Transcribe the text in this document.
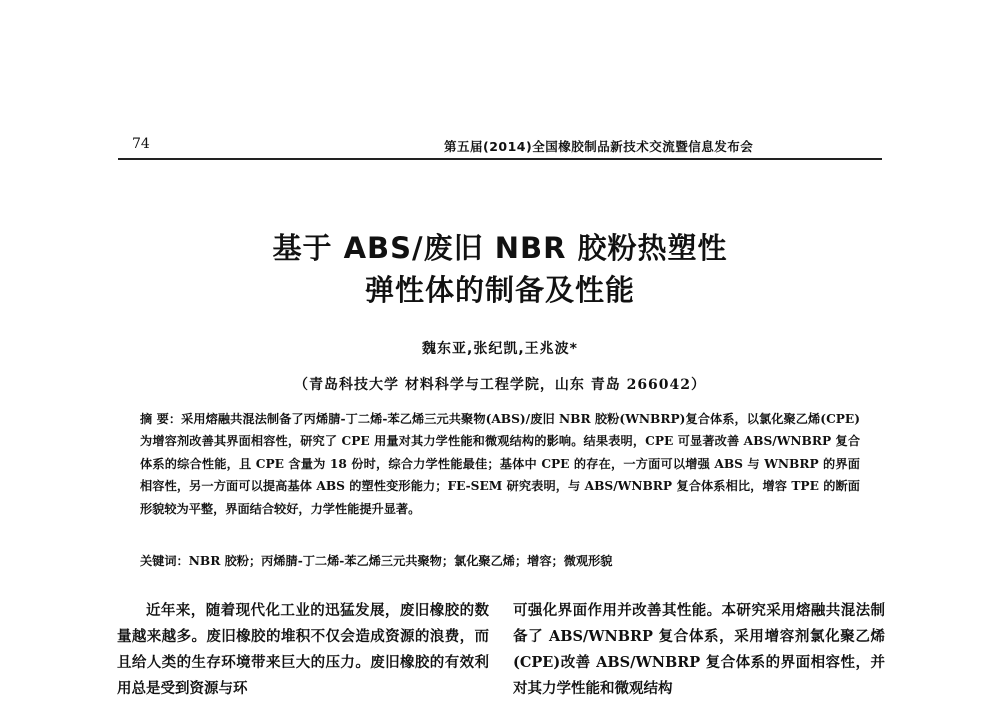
74	第五届(2014)全国橡胶制品新技术交流暨信息发布会
基于 ABS/废旧 NBR 胶粉热塑性
弹性体的制备及性能
魏东亚,张纪凯,王兆波*
（青岛科技大学 材料科学与工程学院，山东 青岛 266042）
摘 要：采用熔融共混法制备了丙烯腈-丁二烯-苯乙烯三元共聚物(ABS)/废旧 NBR 胶粉(WNBRP)复合体系，以氯化聚乙烯(CPE)为增容剂改善其界面相容性，研究了 CPE 用量对其力学性能和微观结构的影响。结果表明，CPE 可显著改善 ABS/WNBRP 复合体系的综合性能，且 CPE 含量为 18 份时，综合力学性能最佳；基体中 CPE 的存在，一方面可以增强 ABS 与 WNBRP 的界面相容性，另一方面可以提高基体 ABS 的塑性变形能力；FE-SEM 研究表明，与 ABS/WNBRP 复合体系相比，增容 TPE 的断面形貌较为平整，界面结合较好，力学性能提升显著。
关键词：NBR 胶粉；丙烯腈-丁二烯-苯乙烯三元共聚物；氯化聚乙烯；增容；微观形貌
近年来，随着现代化工业的迅猛发展，废旧橡胶的数量越来越多。废旧橡胶的堆积不仅会造成资源的浪费，而且给人类的生存环境带来巨大的压力。废旧橡胶的有效利用总是受到资源与环
可强化界面作用并改善其性能。本研究采用熔融共混法制备了 ABS/WNBRP 复合体系，采用增容剂氯化聚乙烯(CPE)改善 ABS/WNBRP 复合体系的界面相容性，并对其力学性能和微观结构
